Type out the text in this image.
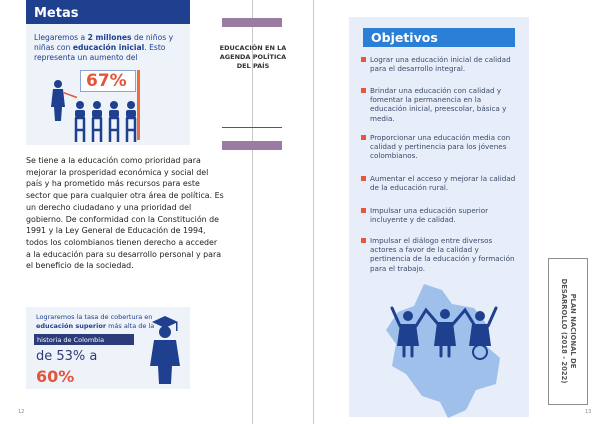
Metas
Llegaremos a 2 millones de niños y niñas con educación inicial. Esto representa un aumento del
67%
Se tiene a la educación como prioridad para mejorar la prosperidad económica y social del país y ha prometido más recursos para este sector que para cualquier otra área de política. Es un derecho ciudadano y una prioridad del gobierno. De conformidad con la Constitución de 1991 y la Ley General de Educación de 1994, todos los colombianos tienen derecho a acceder a la educación para su desarrollo personal y para el beneficio de la sociedad.
Lograremos la tasa de cobertura en educación superior más alta de la
historia de Colombia
de 53% a
60%
12
EDUCACIÓN EN LA AGENDA POLÍTICA DEL PAÍS
Objetivos
Lograr una educación inicial de calidad para el desarrollo integral.
Brindar una educación con calidad y fomentar la permanencia en la educación inicial, preescolar, básica y media.
Proporcionar una educación media con calidad y pertinencia para los jóvenes colombianos.
Aumentar el acceso y mejorar la calidad de la educación rural.
Impulsar una educación superior incluyente y de calidad.
Impulsar el diálogo entre diversos actores a favor de la calidad y pertinencia de la educación y formación para el trabajo.
PLAN NACIONAL DE
DESARROLLO (2018 - 2022)
13
